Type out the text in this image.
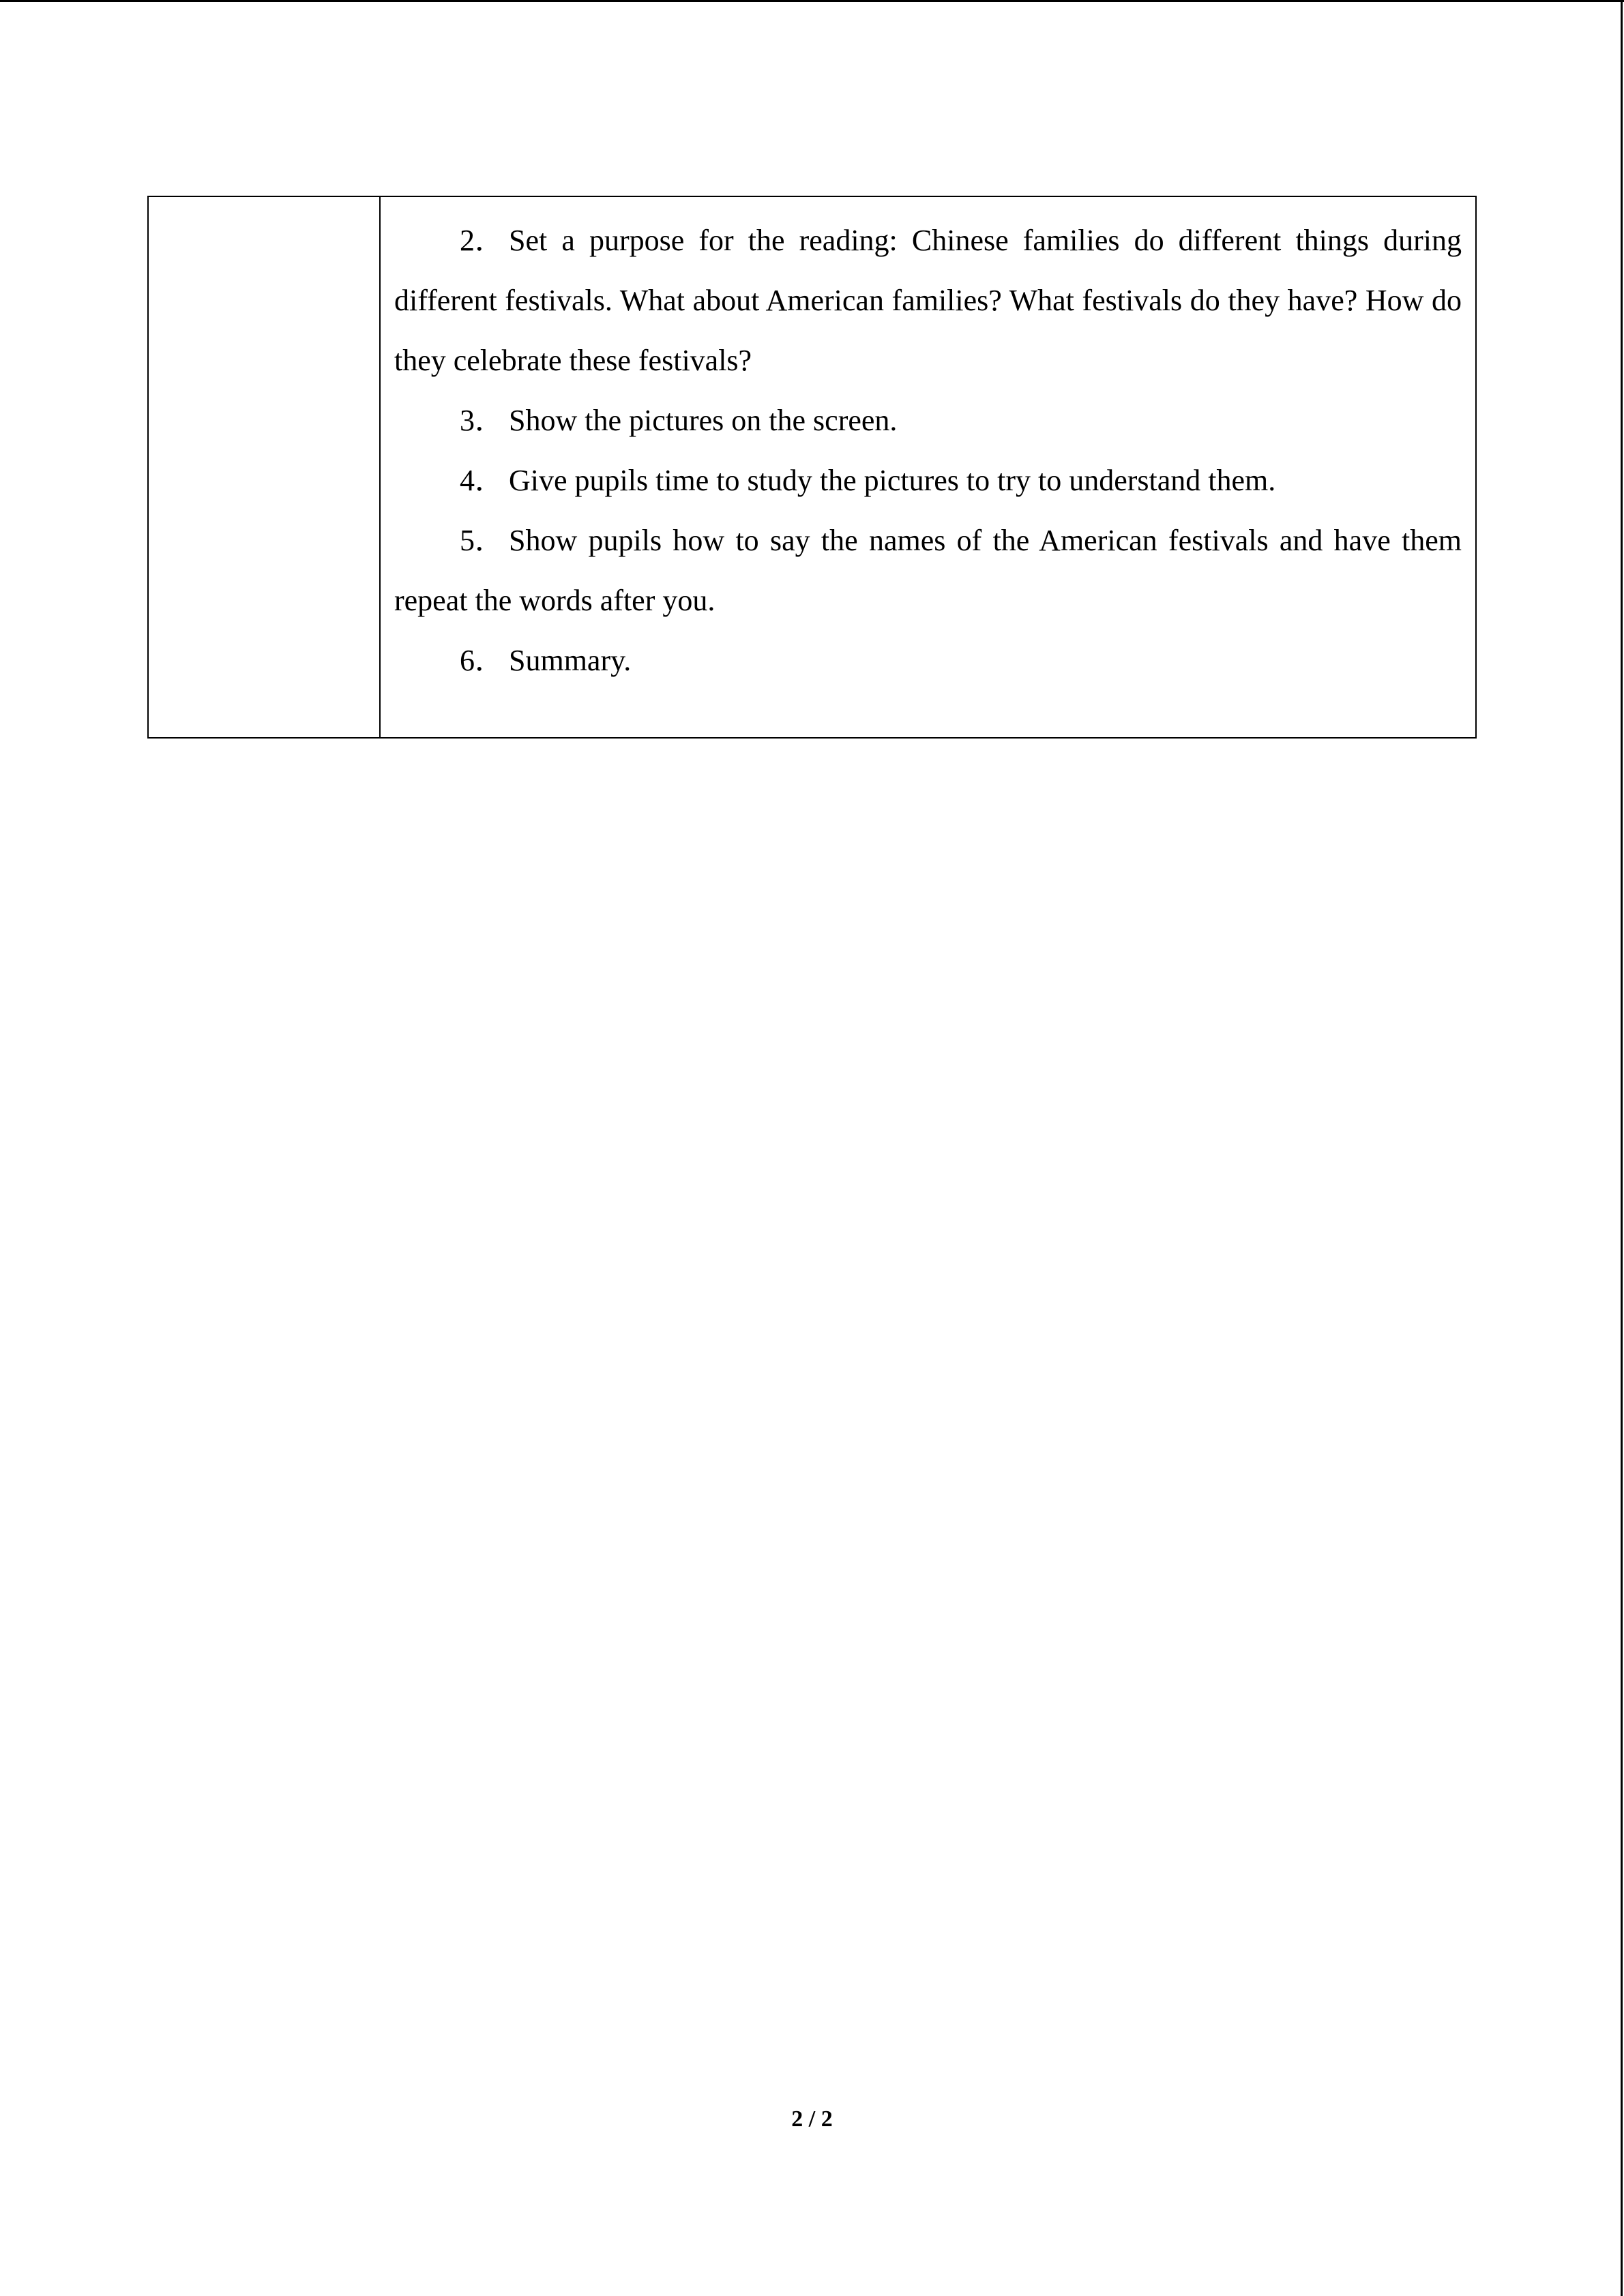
2． Set a purpose for the reading: Chinese families do different things during different festivals. What about American families? What festivals do they have? How do they celebrate these festivals?

3． Show the pictures on the screen.

4． Give pupils time to study the pictures to try to understand them.

5． Show pupils how to say the names of the American festivals and have them repeat the words after you.

6． Summary.

2 / 2
